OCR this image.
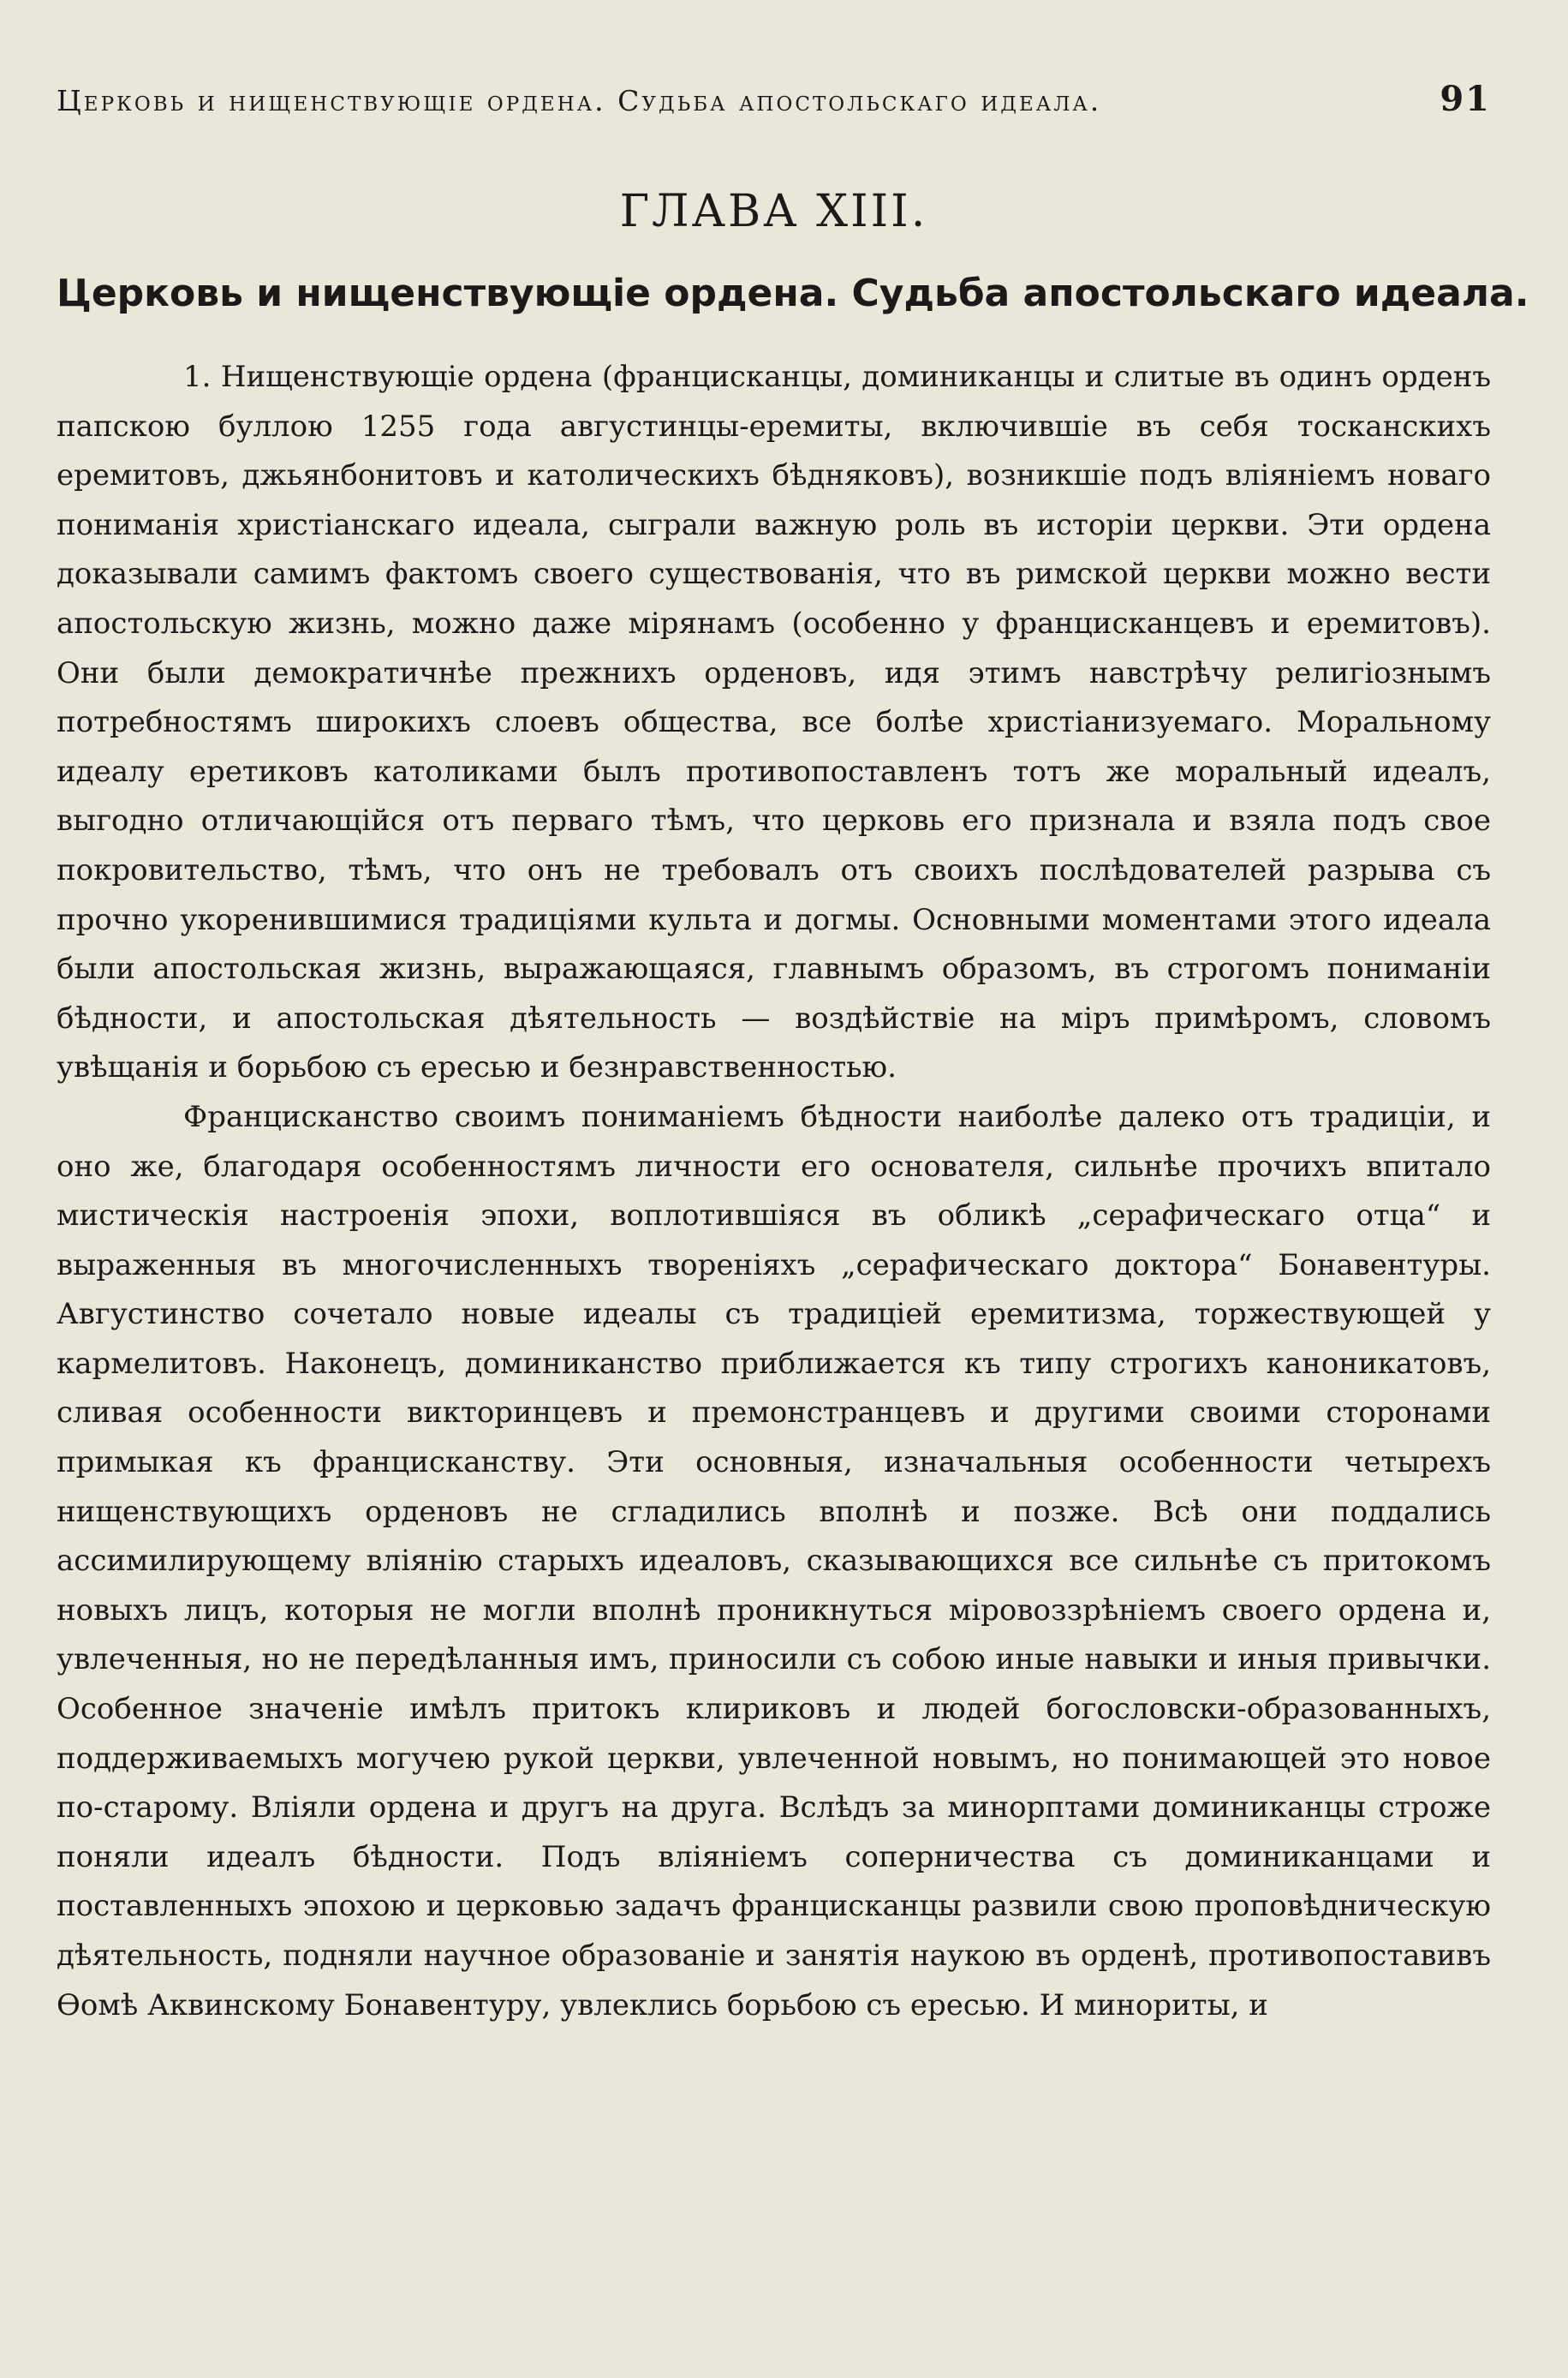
Церковь и нищенствующіе ордена. Судьба апостольскаго идеала.	91
ГЛАВА XIII.
Церковь и нищенствующіе ордена. Судьба апостольскаго идеала.

1. Нищенствующіе ордена (францисканцы, доминиканцы и слитые въ одинъ орденъ папскою буллою 1255 года августинцы-еремиты, включившіе въ себя тосканскихъ еремитовъ, джьянбонитовъ и католическихъ бѣдняковъ), возникшіе подъ вліяніемъ новаго пониманія христіанскаго идеала, сыграли важную роль въ исторіи церкви. Эти ордена доказывали самимъ фактомъ своего существованія, что въ римской церкви можно вести апостольскую жизнь, можно даже мірянамъ (особенно у францисканцевъ и еремитовъ). Они были демократичнѣе прежнихъ орденовъ, идя этимъ навстрѣчу религіознымъ потребностямъ широкихъ слоевъ общества, все болѣе христіанизуемаго. Моральному идеалу еретиковъ католиками былъ противопоставленъ тотъ же моральный идеалъ, выгодно отличающійся отъ перваго тѣмъ, что церковь его признала и взяла подъ свое покровительство, тѣмъ, что онъ не требовалъ отъ своихъ послѣдователей разрыва съ прочно укоренившимися традиціями культа и догмы. Основными моментами этого идеала были апостольская жизнь, выражающаяся, главнымъ образомъ, въ строгомъ пониманіи бѣдности, и апостольская дѣятельность — воздѣйствіе на міръ примѣромъ, словомъ увѣщанія и борьбою съ ересью и безнравственностью.

Францисканство своимъ пониманіемъ бѣдности наиболѣе далеко отъ традиціи, и оно же, благодаря особенностямъ личности его основателя, сильнѣе прочихъ впитало мистическія настроенія эпохи, воплотившіяся въ обликѣ „серафическаго отца“ и выраженныя въ многочисленныхъ твореніяхъ „серафическаго доктора“ Бонавентуры. Августинство сочетало новые идеалы съ традиціей еремитизма, торжествующей у кармелитовъ. Наконецъ, доминиканство приближается къ типу строгихъ каноникатовъ, сливая особенности викторинцевъ и премонстранцевъ и другими своими сторонами примыкая къ францисканству. Эти основныя, изначальныя особенности четырехъ нищенствующихъ орденовъ не сгладились вполнѣ и позже. Всѣ они поддались ассимилирующему вліянію старыхъ идеаловъ, сказывающихся все сильнѣе съ притокомъ новыхъ лицъ, которыя не могли вполнѣ проникнуться міровоззрѣніемъ своего ордена и, увлеченныя, но не передѣланныя имъ, приносили съ собою иные навыки и иныя привычки. Особенное значеніе имѣлъ притокъ клириковъ и людей богословски-образованныхъ, поддерживаемыхъ могучею рукой церкви, увлеченной новымъ, но понимающей это новое по-старому. Вліяли ордена и другъ на друга. Вслѣдъ за минорптами доминиканцы строже поняли идеалъ бѣдности. Подъ вліяніемъ соперничества съ доминиканцами и поставленныхъ эпохою и церковью задачъ францисканцы развили свою проповѣдническую дѣятельность, подняли научное образованіе и занятія наукою въ орденѣ, противопоставивъ Ѳомѣ Аквинскому Бонавентуру, увлеклись борьбою съ ересью. И минориты, и
